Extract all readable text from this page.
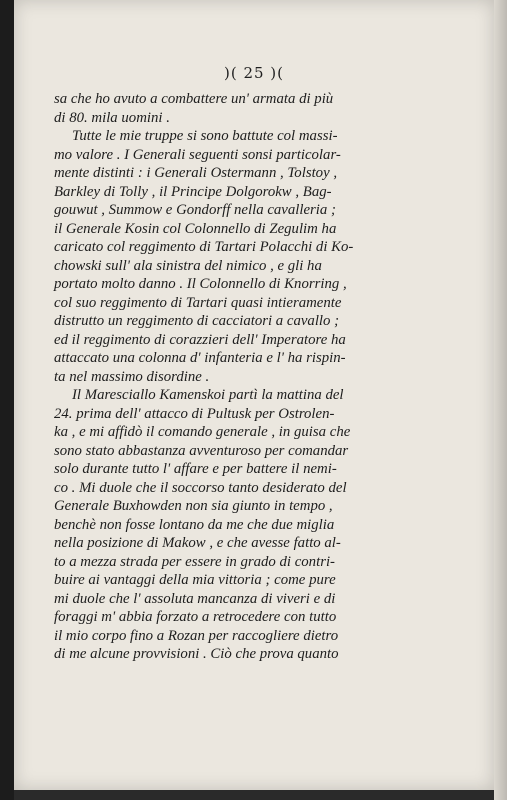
)( 25 )(
sa che ho avuto a combattere un' armata di più
di 80. mila uomini .
Tutte le mie truppe si sono battute col massi-
mo valore . I Generali seguenti sonsi particolar-
mente distinti : i Generali Ostermann , Tolstoy ,
Barkley di Tolly , il Principe Dolgorokw , Bag-
gouwut , Summow e Gondorff nella cavalleria ;
il Generale Kosin col Colonnello di Zegulim ha
caricato col reggimento di Tartari Polacchi di Ko-
chowski sull' ala sinistra del nimico , e gli ha
portato molto danno . Il Colonnello di Knorring ,
col suo reggimento di Tartari quasi intieramente
distrutto un reggimento di cacciatori a cavallo ;
ed il reggimento di corazzieri dell' Imperatore ha
attaccato una colonna d' infanteria e l' ha rispin-
ta nel massimo disordine .
Il Maresciallo Kamenskoi partì la mattina del
24. prima dell' attacco di Pultusk per Ostrolen-
ka , e mi affidò il comando generale , in guisa che
sono stato abbastanza avventuroso per comandar
solo durante tutto l' affare e per battere il nemi-
co . Mi duole che il soccorso tanto desiderato del
Generale Buxhowden non sia giunto in tempo ,
benchè non fosse lontano da me che due miglia
nella posizione di Makow , e che avesse fatto al-
to a mezza strada per essere in grado di contri-
buire ai vantaggi della mia vittoria ; come pure
mi duole che l' assoluta mancanza di viveri e di
foraggi m' abbia forzato a retrocedere con tutto
il mio corpo fino a Rozan per raccogliere dietro
di me alcune provvisioni . Ciò che prova quanto
